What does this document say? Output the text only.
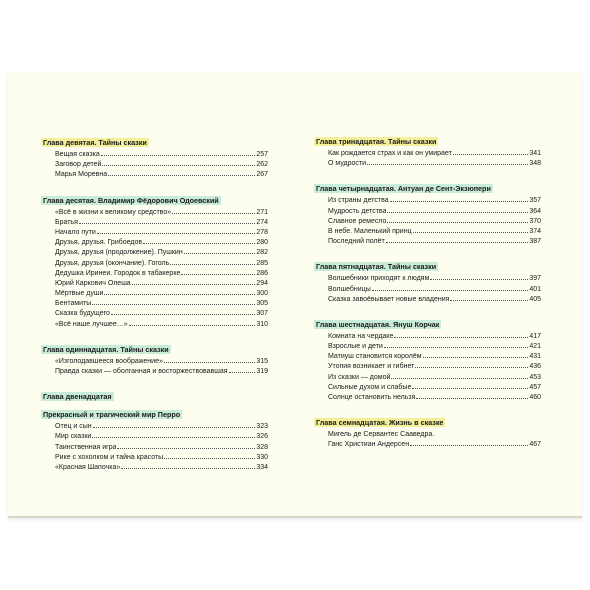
Глава девятая. Тайны сказки
Вещая сказка	257
Заговор детей	262
Марья Моревна	267
Глава десятая. Владимир Фёдорович Одоевский
«Всё в жизни к великому средство»	271
Братья	274
Начало пути	278
Друзья, друзья. Грибоедов	280
Друзья, друзья (продолжение). Пушкин	282
Друзья, друзья (окончание). Гоголь	285
Дедушка Иринеи. Городок в табакерке	286
Юрий Каркович Олеша	294
Мёртвые души	300
Бентамиты	305
Сказка будущего	307
«Всё наше лучшее…»	310
Глава одиннадцатая. Тайны сказки
«Изголодавшееся воображение»	315
Правда сказки — оболганная и восторжествовавшая	319
Глава двенадцатая
Прекрасный и трагический мир Перро
Отец и сын	323
Мир сказки	326
Таинственная игра	328
Рике с хохолком и тайна красоты	330
«Красная Шапочка»	334
Глава тринадцатая. Тайны сказки
Как рождается страх и как он умирает	341
О мудрости	348
Глава четырнадцатая. Антуан де Сент-Экзюпери
Из страны детства	357
Мудрость детства	364
Славное ремесло	370
В небе. Маленький принц	374
Последний полёт	387
Глава пятнадцатая. Тайны сказки
Волшебники приходят к людям	397
Волшебницы	401
Сказка завоёвывает новые владения	405
Глава шестнадцатая. Януш Корчак
Комната на чердаке	417
Взрослые и дети	421
Матиуш становится королём	431
Утопия возникает и гибнет	436
Из сказки — домой	453
Сильные духом и слабые	457
Солнце остановить нельзя	460
Глава семнадцатая. Жизнь в сказке
Мигель де Сервантес Сааведра.
Ганс Христиан Андерсен	467
